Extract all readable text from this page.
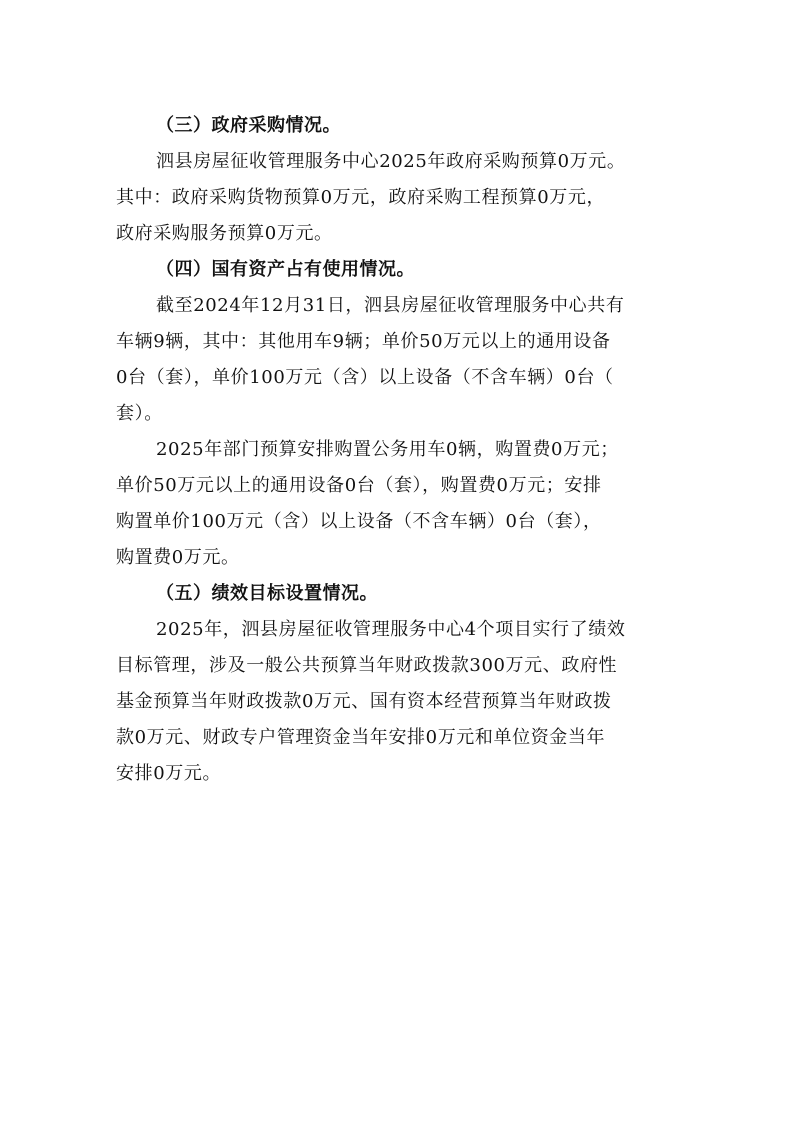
（三）政府采购情况。

泗县房屋征收管理服务中心2025年政府采购预算0万元。
其中：政府采购货物预算0万元，政府采购工程预算0万元，
政府采购服务预算0万元。

（四）国有资产占有使用情况。

截至2024年12月31日，泗县房屋征收管理服务中心共有
车辆9辆，其中：其他用车9辆；单价50万元以上的通用设备
0台（套），单价100万元（含）以上设备（不含车辆）0台（
套）。

2025年部门预算安排购置公务用车0辆，购置费0万元；
单价50万元以上的通用设备0台（套），购置费0万元；安排
购置单价100万元（含）以上设备（不含车辆）0台（套），
购置费0万元。

（五）绩效目标设置情况。

2025年，泗县房屋征收管理服务中心4个项目实行了绩效
目标管理，涉及一般公共预算当年财政拨款300万元、政府性
基金预算当年财政拨款0万元、国有资本经营预算当年财政拨
款0万元、财政专户管理资金当年安排0万元和单位资金当年
安排0万元。
